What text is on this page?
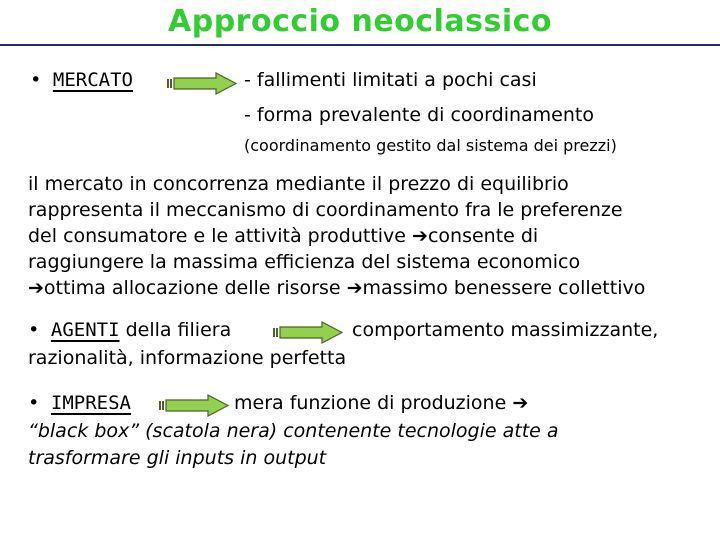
Approccio neoclassico
• MERCATO	- fallimenti limitati a pochi casi
- forma prevalente di coordinamento
(coordinamento gestito dal sistema dei prezzi)
il mercato in concorrenza mediante il prezzo di equilibrio
rappresenta il meccanismo di coordinamento fra le preferenze
del consumatore e le attività produttive ➔consente di
raggiungere la massima efficienza del sistema economico
➔ottima allocazione delle risorse ➔massimo benessere collettivo
• AGENTI della filiera	comportamento massimizzante,
razionalità, informazione perfetta
• IMPRESA	mera funzione di produzione ➔
“black box” (scatola nera) contenente tecnologie atte a
trasformare gli inputs in output
